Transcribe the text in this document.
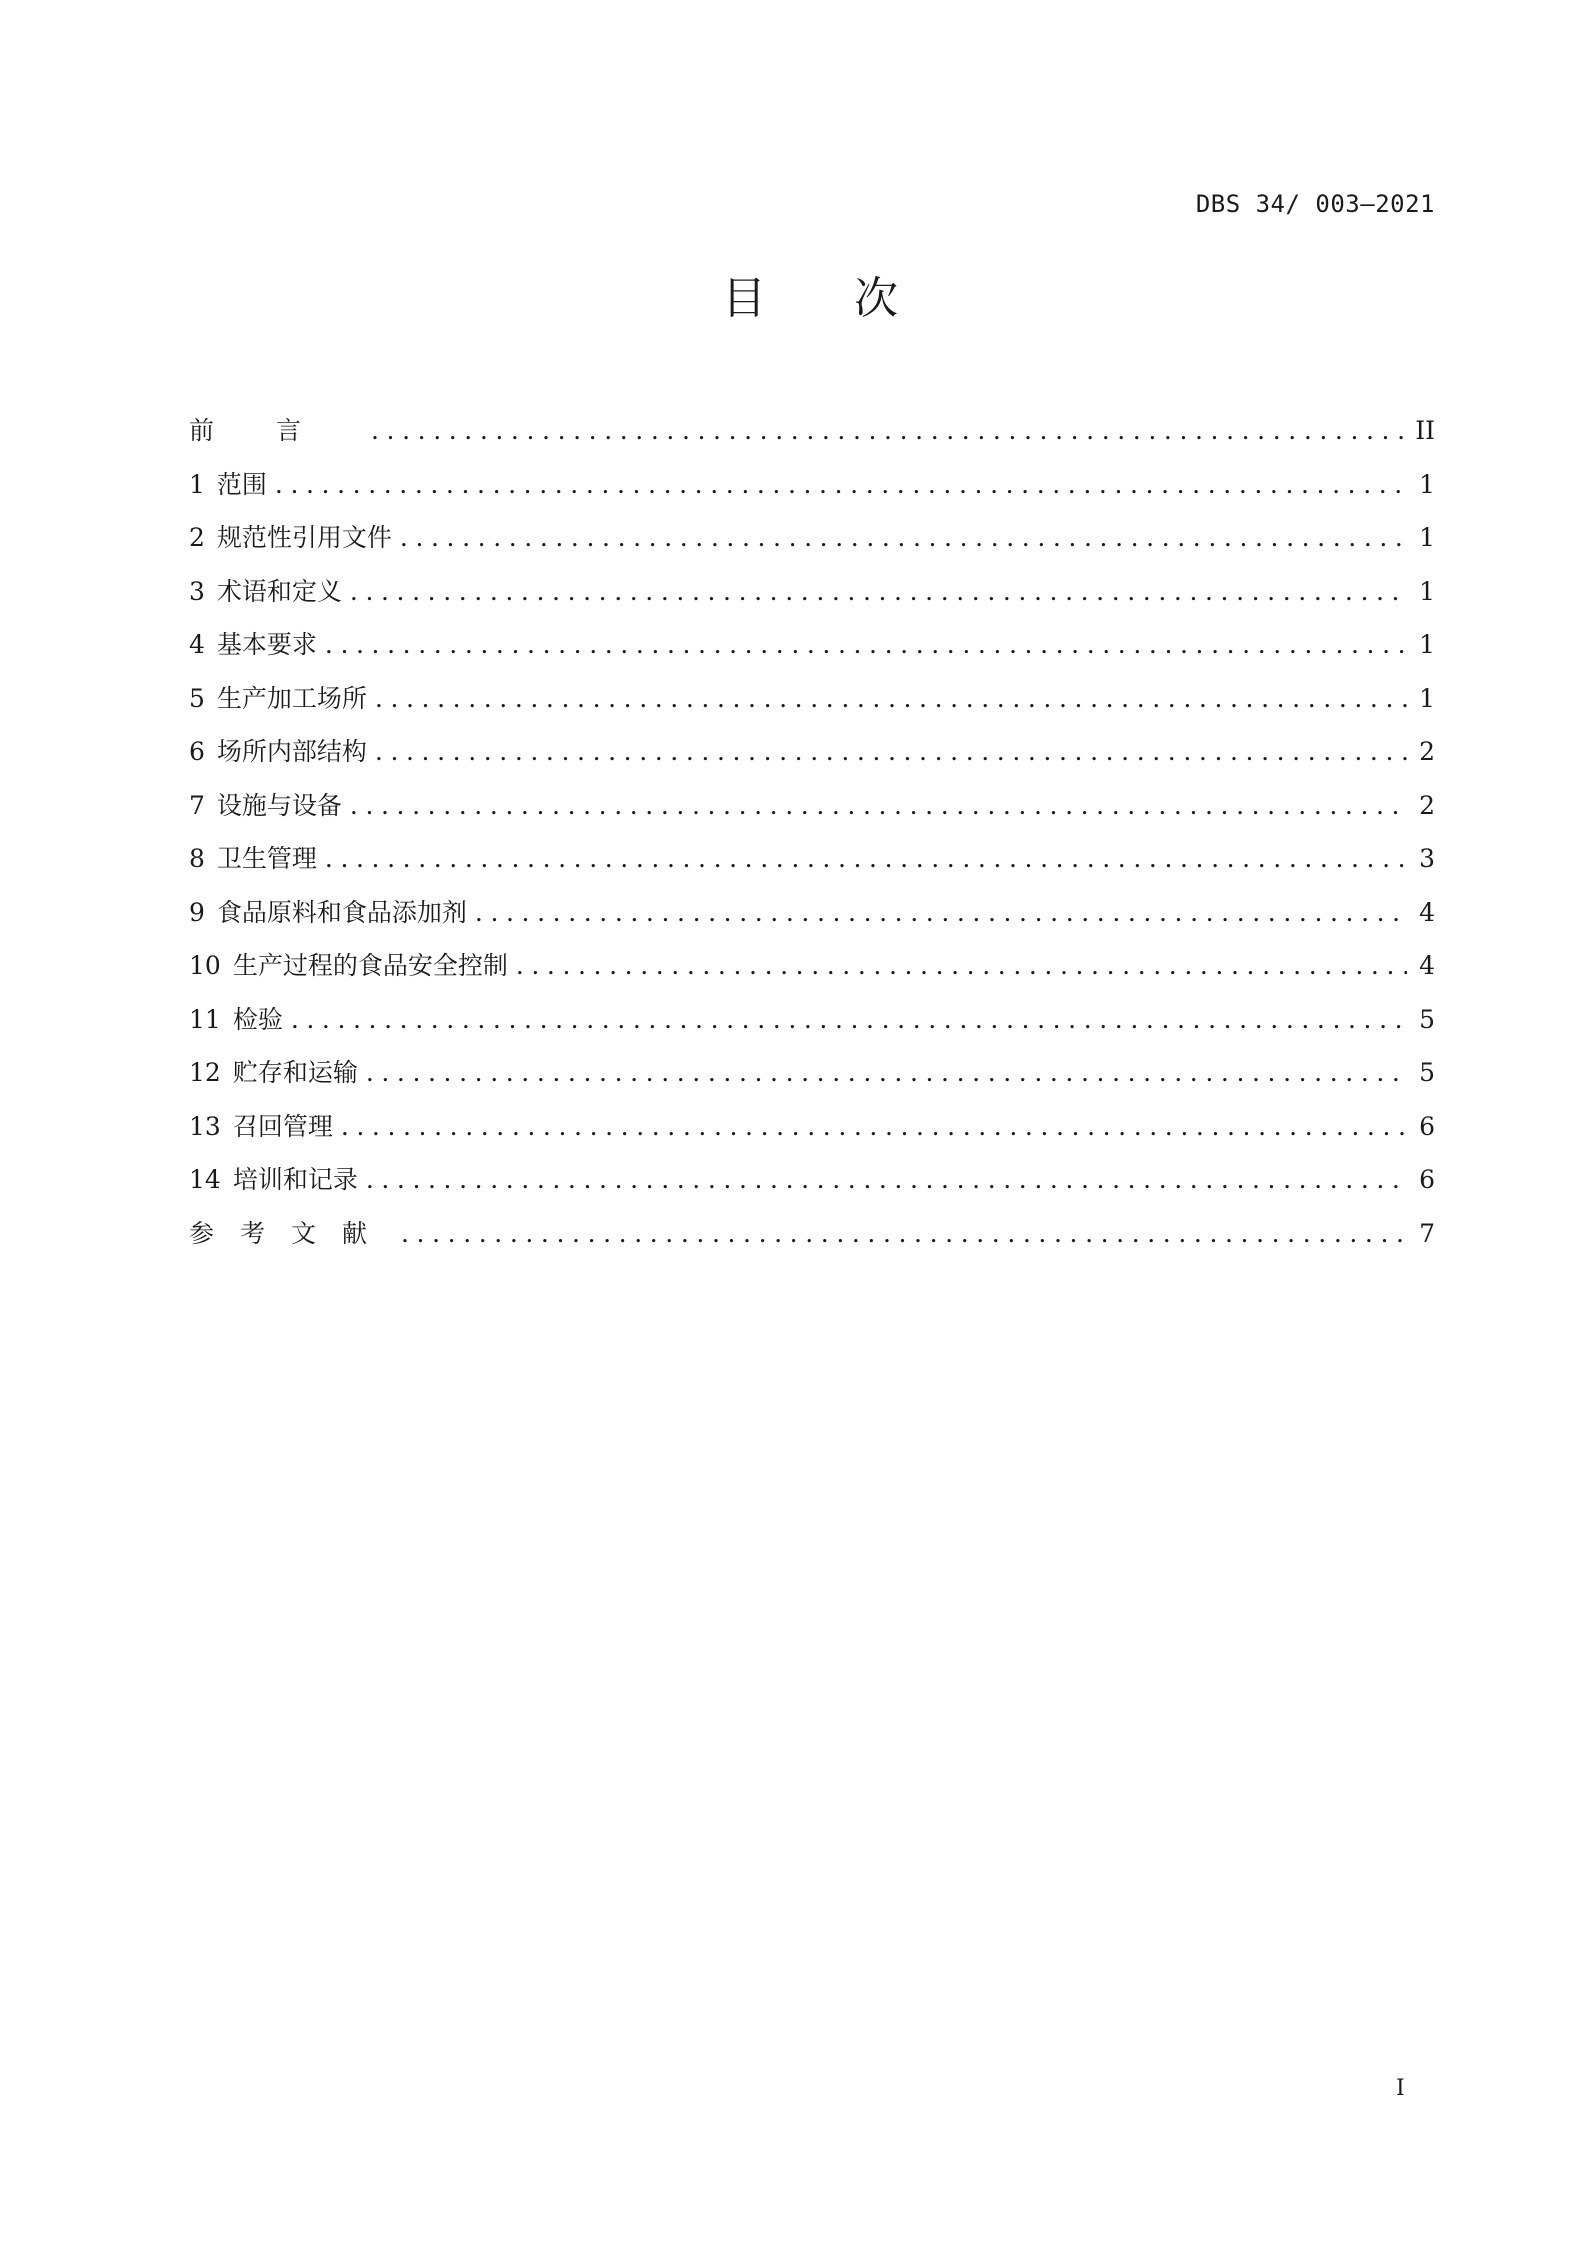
DBS 34/ 003—2021
目 次
前言 .....	II
1 范围 .....	1
2 规范性引用文件 .....	1
3 术语和定义 .....	1
4 基本要求 .....	1
5 生产加工场所 .....	1
6 场所内部结构 .....	2
7 设施与设备 .....	2
8 卫生管理 .....	3
9 食品原料和食品添加剂 .....	4
10 生产过程的食品安全控制 .....	4
11 检验 .....	5
12 贮存和运输 .....	5
13 召回管理 .....	6
14 培训和记录 .....	6
参考文献 .....	7
I
